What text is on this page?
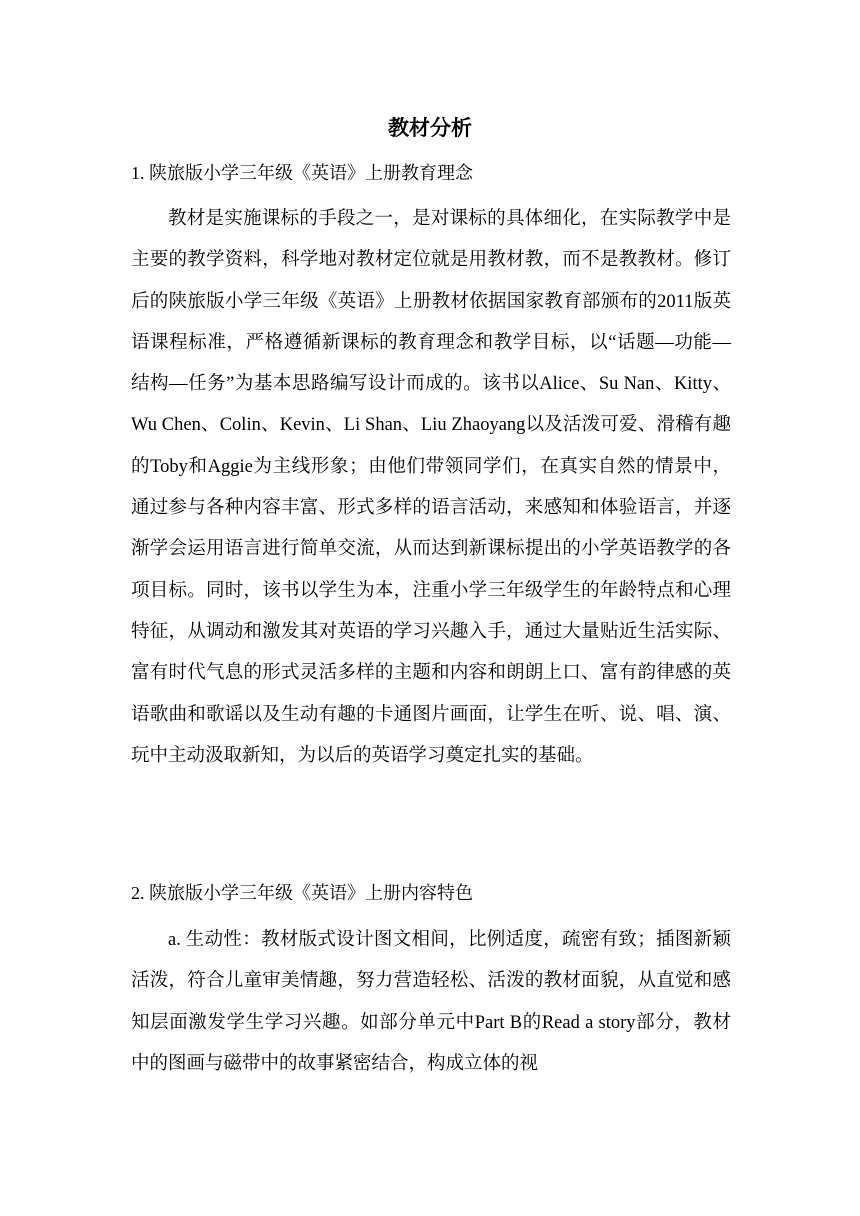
教材分析
1. 陕旅版小学三年级《英语》上册教育理念
教材是实施课标的手段之一，是对课标的具体细化，在实际教学中是主要的教学资料，科学地对教材定位就是用教材教，而不是教教材。修订后的陕旅版小学三年级《英语》上册教材依据国家教育部颁布的2011版英语课程标准，严格遵循新课标的教育理念和教学目标，以“话题—功能—结构—任务”为基本思路编写设计而成的。该书以Alice、Su Nan、Kitty、Wu Chen、Colin、Kevin、Li Shan、Liu Zhaoyang以及活泼可爱、滑稽有趣的Toby和Aggie为主线形象；由他们带领同学们，在真实自然的情景中，通过参与各种内容丰富、形式多样的语言活动，来感知和体验语言，并逐渐学会运用语言进行简单交流，从而达到新课标提出的小学英语教学的各项目标。同时，该书以学生为本，注重小学三年级学生的年龄特点和心理特征，从调动和激发其对英语的学习兴趣入手，通过大量贴近生活实际、富有时代气息的形式灵活多样的主题和内容和朗朗上口、富有韵律感的英语歌曲和歌谣以及生动有趣的卡通图片画面，让学生在听、说、唱、演、玩中主动汲取新知，为以后的英语学习奠定扎实的基础。
2. 陕旅版小学三年级《英语》上册内容特色
a. 生动性：教材版式设计图文相间，比例适度，疏密有致；插图新颖活泼，符合儿童审美情趣，努力营造轻松、活泼的教材面貌，从直觉和感知层面激发学生学习兴趣。如部分单元中Part B的Read a story部分，教材中的图画与磁带中的故事紧密结合，构成立体的视
